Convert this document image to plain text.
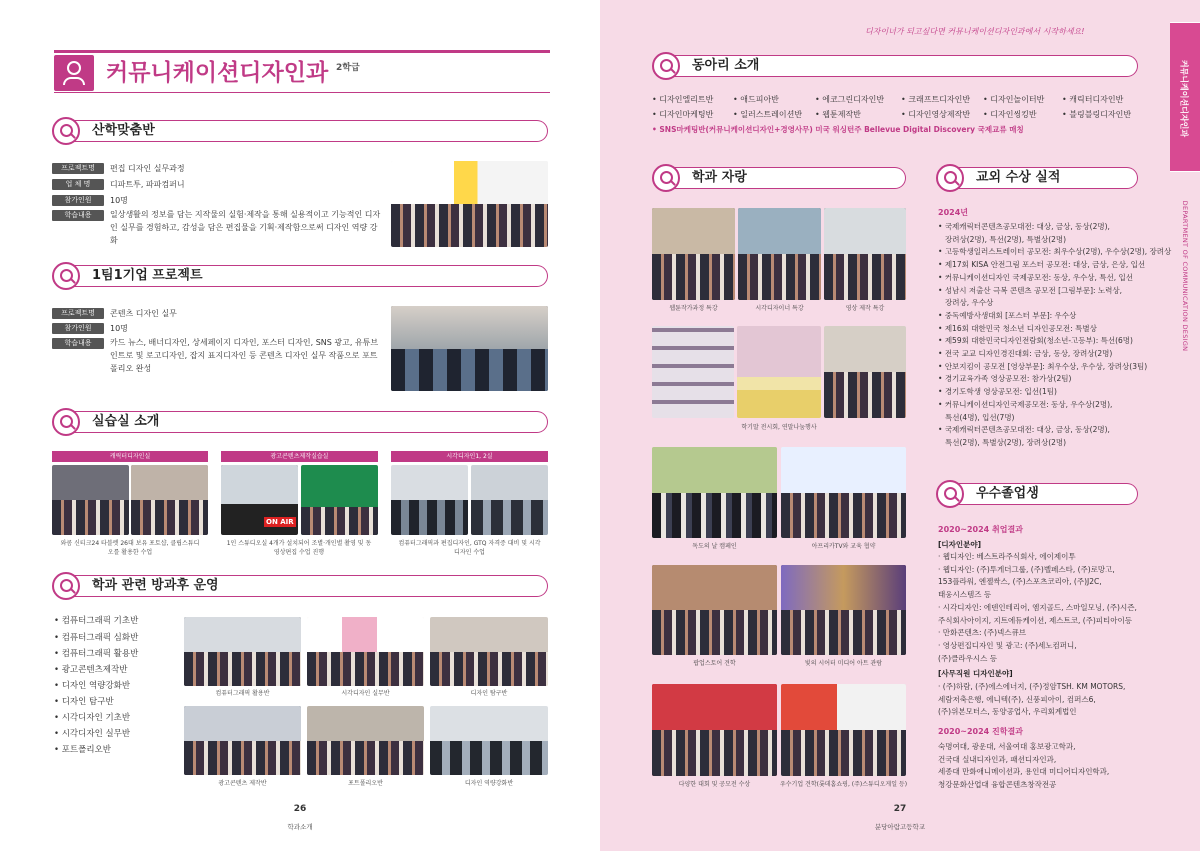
커뮤니케이션디자인과 2학급
산학맞춤반
프로젝트명	편집 디자인 실무과정
업 체 명	디파트투, 파파컴퍼니
참가인원	10명
학습내용	일상생활의 정보를 담는 지작물의 실험·제작을 통해 실용적이고 기능적인 디자인 실무를 경험하고, 감성을 담은 편집물을 기획·제작함으로써 디자인 역량 강화
1팀1기업 프로젝트
프로젝트명	콘텐츠 디자인 실무
참가인원	10명
학습내용	카드 뉴스, 배너디자인, 상세페이지 디자인, 포스터 디자인, SNS 광고, 유튜브 인트로 및 로고디자인, 잡지 표지디자인 등 콘텐츠 디자인 실무 작품으로 포트폴리오 완성
실습실 소개
캐릭터디자인실	광고콘텐츠제작실습실	시각디자인1, 2실
ON AIR
와콤 신티크24 타블렛 26대 보유 포토샵, 클립스튜디오를 활용한 수업
1인 스튜디오실 4개가 설치되어 조별·개인별 촬영 및 동영상편집 수업 진행
컴퓨터그래픽과 편집디자인, GTQ 자격증 대비 및 시각디자인 수업
학과 관련 방과후 운영
• 컴퓨터그래픽 기초반
• 컴퓨터그래픽 심화반
• 컴퓨터그래픽 활용반
• 광고콘텐츠제작반
• 디자인 역량강화반
• 디자인 탐구반
• 시각디자인 기초반
• 시각디자인 실무반
• 포트폴리오반
컴퓨터그래픽 활용반	시각디자인 실무반	디자인 탐구반
광고콘텐츠 제작반	포트폴리오반	디자인 역량강화반
26
학과소개
디자이너가 되고싶다면 커뮤니케이션디자인과에서 시작하세요!
커뮤니케이션디자인과
DEPARTMENT OF COMMUNICATION DESIGN
동아리 소개
• 디자인엘리트반 • 애드피아반	• 에코그린디자인반 • 크래프트디자인반 • 디자인놀이터반 • 캐릭터디자인반
• 디자인마케팅반 • 일러스트레이션반 • 웹툰제작반	• 디자인영상제작반 • 디자인씽킹반	• 블링블링디자인반
• SNS마케팅반(커뮤니케이션디자인+경영사무) 미국 워싱턴주 Bellevue Digital Discovery 국제교류 매칭
학과 자랑
웹툰작가과정 특강	시각디자이너 특강	영상 제작 특강
학기말 전시회, 연말나눔행사
독도의 날 캠페인	아프리카TV와 교육 협약
팝업스토어 견학	빛의 시어터 미디어 아트 관람
다양한 대회 및 공모전 수상	우수기업 견학(롯데홈쇼핑, (주)스튜디오게일 등)
교외 수상 실적
2024년
• 국제캐릭터콘텐츠공모대전: 대상, 금상, 동상(2명),
장려상(2명), 특선(2명), 특별상(2명)
• 고등학생일러스트레이터 공모전: 최우수상(2명), 우수상(2명), 장려상
• 제17회 KISA 안전그림 포스터 공모전: 대상, 금상, 은상, 입선
• 커뮤니케이션디자인 국제공모전: 동상, 우수상, 특선, 입선
• 성남시 저출산 극복 콘텐츠 공모전 [그림부문]: 노력상,
장려상, 우수상
• 중독예방사생대회 [포스터 부문]: 우수상
• 제16회 대한민국 청소년 디자인공모전: 특별상
• 제59회 대한민국디자인전람회(청소년-고등부): 특선(6명)
• 전국 교교 디자인경진대회: 금상, 동상, 장려상(2명)
• 안보지킴이 공모전 [영상부문]: 최우수상, 우수상, 장려상(3팀)
• 경기교육가족 영상공모전: 참가상(2팀)
• 경기도학생 영상공모전: 입선(1팀)
• 커뮤니케이션디자인국제공모전: 동상, 우수상(2명),
특선(4명), 입선(7명)
• 국제캐릭터콘텐츠공모대전: 대상, 금상, 동상(2명),
특선(2명), 특별상(2명), 장려상(2명)
우수졸업생
2020~2024 취업결과
[디자인분야]
· 웹디자인: 베스트라주식회사, 에이제이투
· 웹디자인: (주)투게더그룹, (주)벨페스타, (주)로망고,
153플라워, 엔젤싹스, (주)스포츠코리아, (주)J2C,
태웅시스템즈 등
· 시각디자인: 에덴인테리어, 엠지골드, 스마일모닝, (주)시즌,
주식회사아이지, 지트에듀케이션, 제스트코, (주)피티아이등
· 만화콘텐츠: (주)넥스큐브
· 영상편집디자인 및 광고: (주)세노컴퍼니,
(주)클라우시스 등
[사무직원 디자인분야]
· (주)하람, (주)에스에너지, (주)정암TSH. KM MOTORS,
세람저축은행, 에니텍(주), 신풍피아이, 컴퍼스6,
(주)위본모터스, 동양공업사, 우리회계법인
2020~2024 진학결과
숙명여대, 광운대, 서울여대 홍보광고학과,
건국대 실내디자인과, 패션디자인과,
세종대 만화애니메이션과, 용인대 미디어디자인학과,
청강문화산업대 융합콘텐츠창작전공
27
분당아람고등학교
